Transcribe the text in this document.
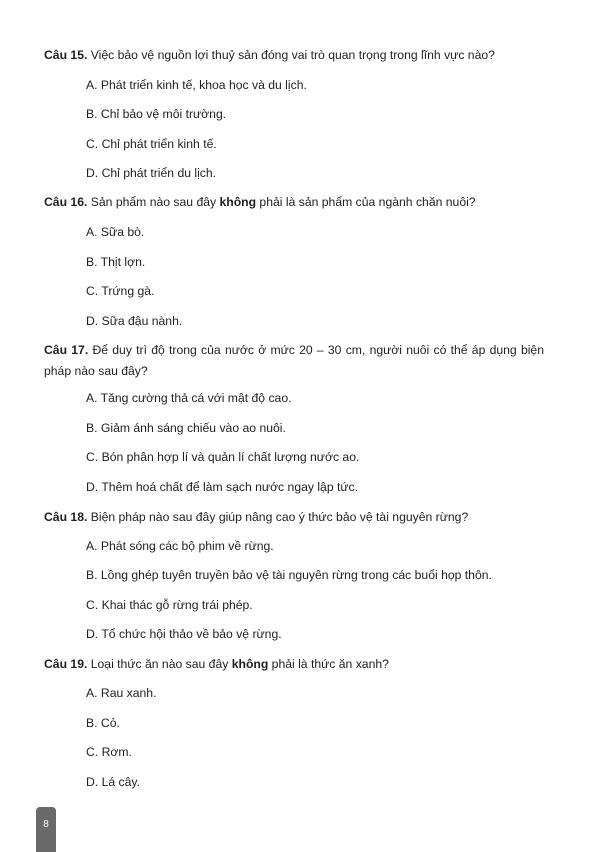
Câu 15. Việc bảo vệ nguồn lợi thuỷ sản đóng vai trò quan trọng trong lĩnh vực nào?
A. Phát triển kinh tế, khoa học và du lịch.
B. Chỉ bảo vệ môi trường.
C. Chỉ phát triển kinh tế.
D. Chỉ phát triển du lịch.
Câu 16. Sản phẩm nào sau đây không phải là sản phẩm của ngành chăn nuôi?
A. Sữa bò.
B. Thịt lợn.
C. Trứng gà.
D. Sữa đậu nành.
Câu 17. Để duy trì độ trong của nước ở mức 20 – 30 cm, người nuôi có thể áp dụng biện pháp nào sau đây?
A. Tăng cường thả cá với mật độ cao.
B. Giảm ánh sáng chiếu vào ao nuôi.
C. Bón phân hợp lí và quản lí chất lượng nước ao.
D. Thêm hoá chất để làm sạch nước ngay lập tức.
Câu 18. Biện pháp nào sau đây giúp nâng cao ý thức bảo vệ tài nguyên rừng?
A. Phát sóng các bộ phim về rừng.
B. Lồng ghép tuyên truyền bảo vệ tài nguyên rừng trong các buổi họp thôn.
C. Khai thác gỗ rừng trái phép.
D. Tổ chức hội thảo về bảo vệ rừng.
Câu 19. Loại thức ăn nào sau đây không phải là thức ăn xanh?
A. Rau xanh.
B. Cỏ.
C. Rơm.
D. Lá cây.
8
